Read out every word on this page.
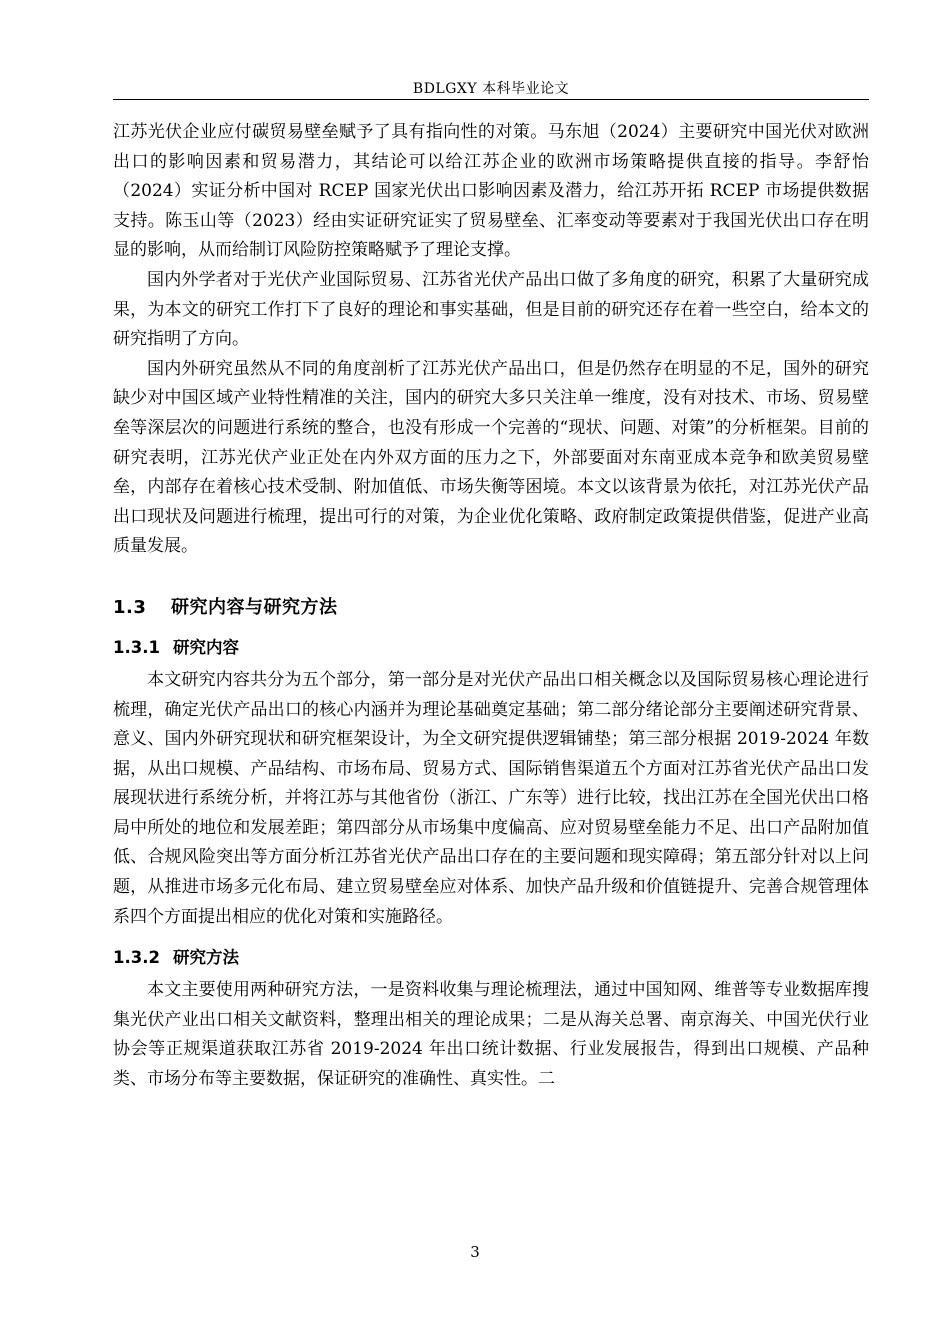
BDLGXY 本科毕业论文

江苏光伏企业应付碳贸易壁垒赋予了具有指向性的对策。马东旭（2024）主要研究中国光伏对欧洲出口的影响因素和贸易潜力，其结论可以给江苏企业的欧洲市场策略提供直接的指导。李舒怡（2024）实证分析中国对 RCEP 国家光伏出口影响因素及潜力，给江苏开拓 RCEP 市场提供数据支持。陈玉山等（2023）经由实证研究证实了贸易壁垒、汇率变动等要素对于我国光伏出口存在明显的影响，从而给制订风险防控策略赋予了理论支撑。

国内外学者对于光伏产业国际贸易、江苏省光伏产品出口做了多角度的研究，积累了大量研究成果，为本文的研究工作打下了良好的理论和事实基础，但是目前的研究还存在着一些空白，给本文的研究指明了方向。

国内外研究虽然从不同的角度剖析了江苏光伏产品出口，但是仍然存在明显的不足，国外的研究缺少对中国区域产业特性精准的关注，国内的研究大多只关注单一维度，没有对技术、市场、贸易壁垒等深层次的问题进行系统的整合，也没有形成一个完善的“现状、问题、对策”的分析框架。目前的研究表明，江苏光伏产业正处在内外双方面的压力之下，外部要面对东南亚成本竞争和欧美贸易壁垒，内部存在着核心技术受制、附加值低、市场失衡等困境。本文以该背景为依托，对江苏光伏产品出口现状及问题进行梳理，提出可行的对策，为企业优化策略、政府制定政策提供借鉴，促进产业高质量发展。

1.3 研究内容与研究方法
1.3.1 研究内容

本文研究内容共分为五个部分，第一部分是对光伏产品出口相关概念以及国际贸易核心理论进行梳理，确定光伏产品出口的核心内涵并为理论基础奠定基础；第二部分绪论部分主要阐述研究背景、意义、国内外研究现状和研究框架设计，为全文研究提供逻辑铺垫；第三部分根据 2019-2024 年数据，从出口规模、产品结构、市场布局、贸易方式、国际销售渠道五个方面对江苏省光伏产品出口发展现状进行系统分析，并将江苏与其他省份（浙江、广东等）进行比较，找出江苏在全国光伏出口格局中所处的地位和发展差距；第四部分从市场集中度偏高、应对贸易壁垒能力不足、出口产品附加值低、合规风险突出等方面分析江苏省光伏产品出口存在的主要问题和现实障碍；第五部分针对以上问题，从推进市场多元化布局、建立贸易壁垒应对体系、加快产品升级和价值链提升、完善合规管理体系四个方面提出相应的优化对策和实施路径。

1.3.2 研究方法

本文主要使用两种研究方法，一是资料收集与理论梳理法，通过中国知网、维普等专业数据库搜集光伏产业出口相关文献资料，整理出相关的理论成果；二是从海关总署、南京海关、中国光伏行业协会等正规渠道获取江苏省 2019-2024 年出口统计数据、行业发展报告，得到出口规模、产品种类、市场分布等主要数据，保证研究的准确性、真实性。二

3
